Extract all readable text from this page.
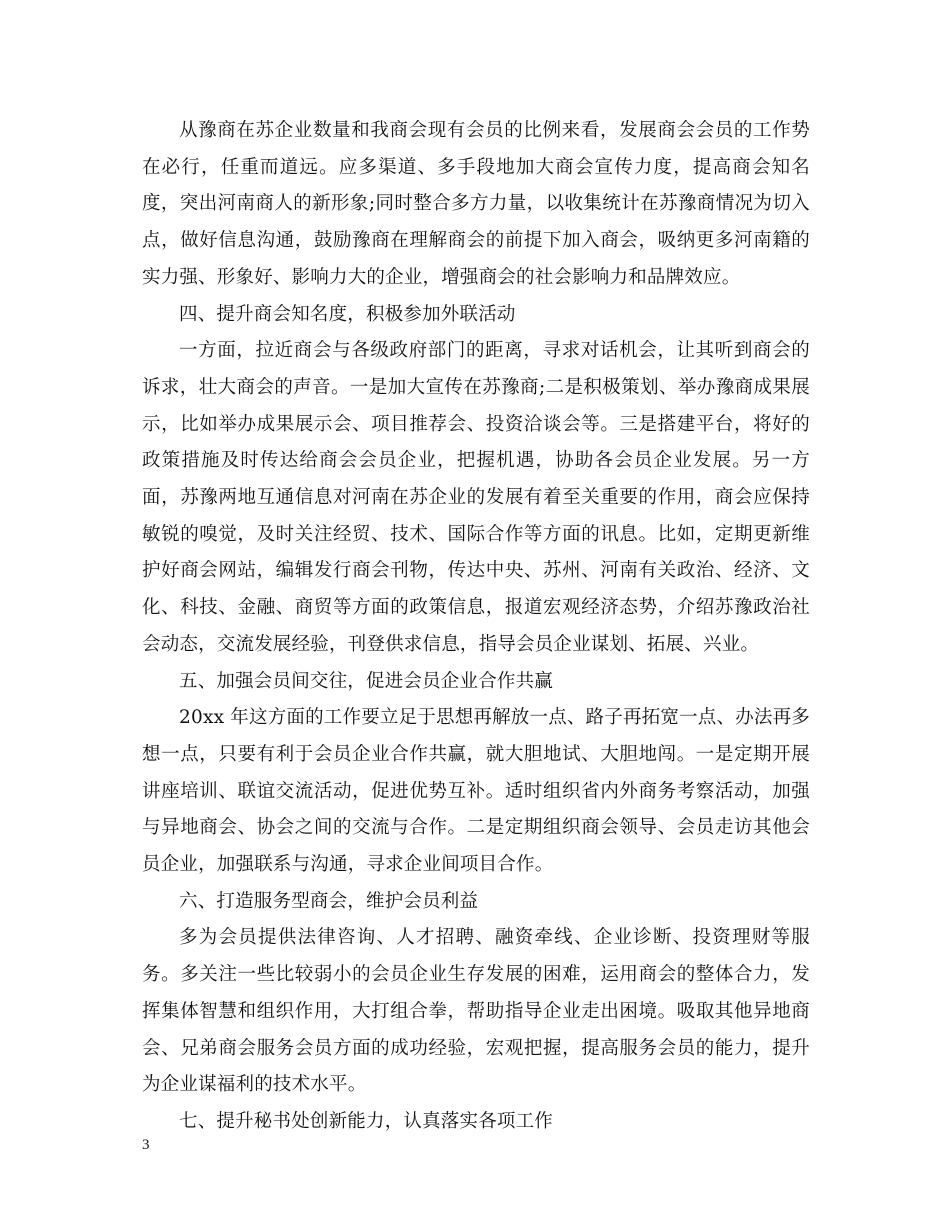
从豫商在苏企业数量和我商会现有会员的比例来看，发展商会会员的工作势在必行，任重而道远。应多渠道、多手段地加大商会宣传力度，提高商会知名度，突出河南商人的新形象;同时整合多方力量，以收集统计在苏豫商情况为切入点，做好信息沟通，鼓励豫商在理解商会的前提下加入商会，吸纳更多河南籍的实力强、形象好、影响力大的企业，增强商会的社会影响力和品牌效应。

四、提升商会知名度，积极参加外联活动

一方面，拉近商会与各级政府部门的距离，寻求对话机会，让其听到商会的诉求，壮大商会的声音。一是加大宣传在苏豫商;二是积极策划、举办豫商成果展示，比如举办成果展示会、项目推荐会、投资洽谈会等。三是搭建平台，将好的政策措施及时传达给商会会员企业，把握机遇，协助各会员企业发展。另一方面，苏豫两地互通信息对河南在苏企业的发展有着至关重要的作用，商会应保持敏锐的嗅觉，及时关注经贸、技术、国际合作等方面的讯息。比如，定期更新维护好商会网站，编辑发行商会刊物，传达中央、苏州、河南有关政治、经济、文化、科技、金融、商贸等方面的政策信息，报道宏观经济态势，介绍苏豫政治社会动态，交流发展经验，刊登供求信息，指导会员企业谋划、拓展、兴业。

五、加强会员间交往，促进会员企业合作共赢

20xx 年这方面的工作要立足于思想再解放一点、路子再拓宽一点、办法再多想一点，只要有利于会员企业合作共赢，就大胆地试、大胆地闯。一是定期开展讲座培训、联谊交流活动，促进优势互补。适时组织省内外商务考察活动，加强与异地商会、协会之间的交流与合作。二是定期组织商会领导、会员走访其他会员企业，加强联系与沟通，寻求企业间项目合作。

六、打造服务型商会，维护会员利益

多为会员提供法律咨询、人才招聘、融资牵线、企业诊断、投资理财等服务。多关注一些比较弱小的会员企业生存发展的困难，运用商会的整体合力，发挥集体智慧和组织作用，大打组合拳，帮助指导企业走出困境。吸取其他异地商会、兄弟商会服务会员方面的成功经验，宏观把握，提高服务会员的能力，提升为企业谋福利的技术水平。

七、提升秘书处创新能力，认真落实各项工作

3
